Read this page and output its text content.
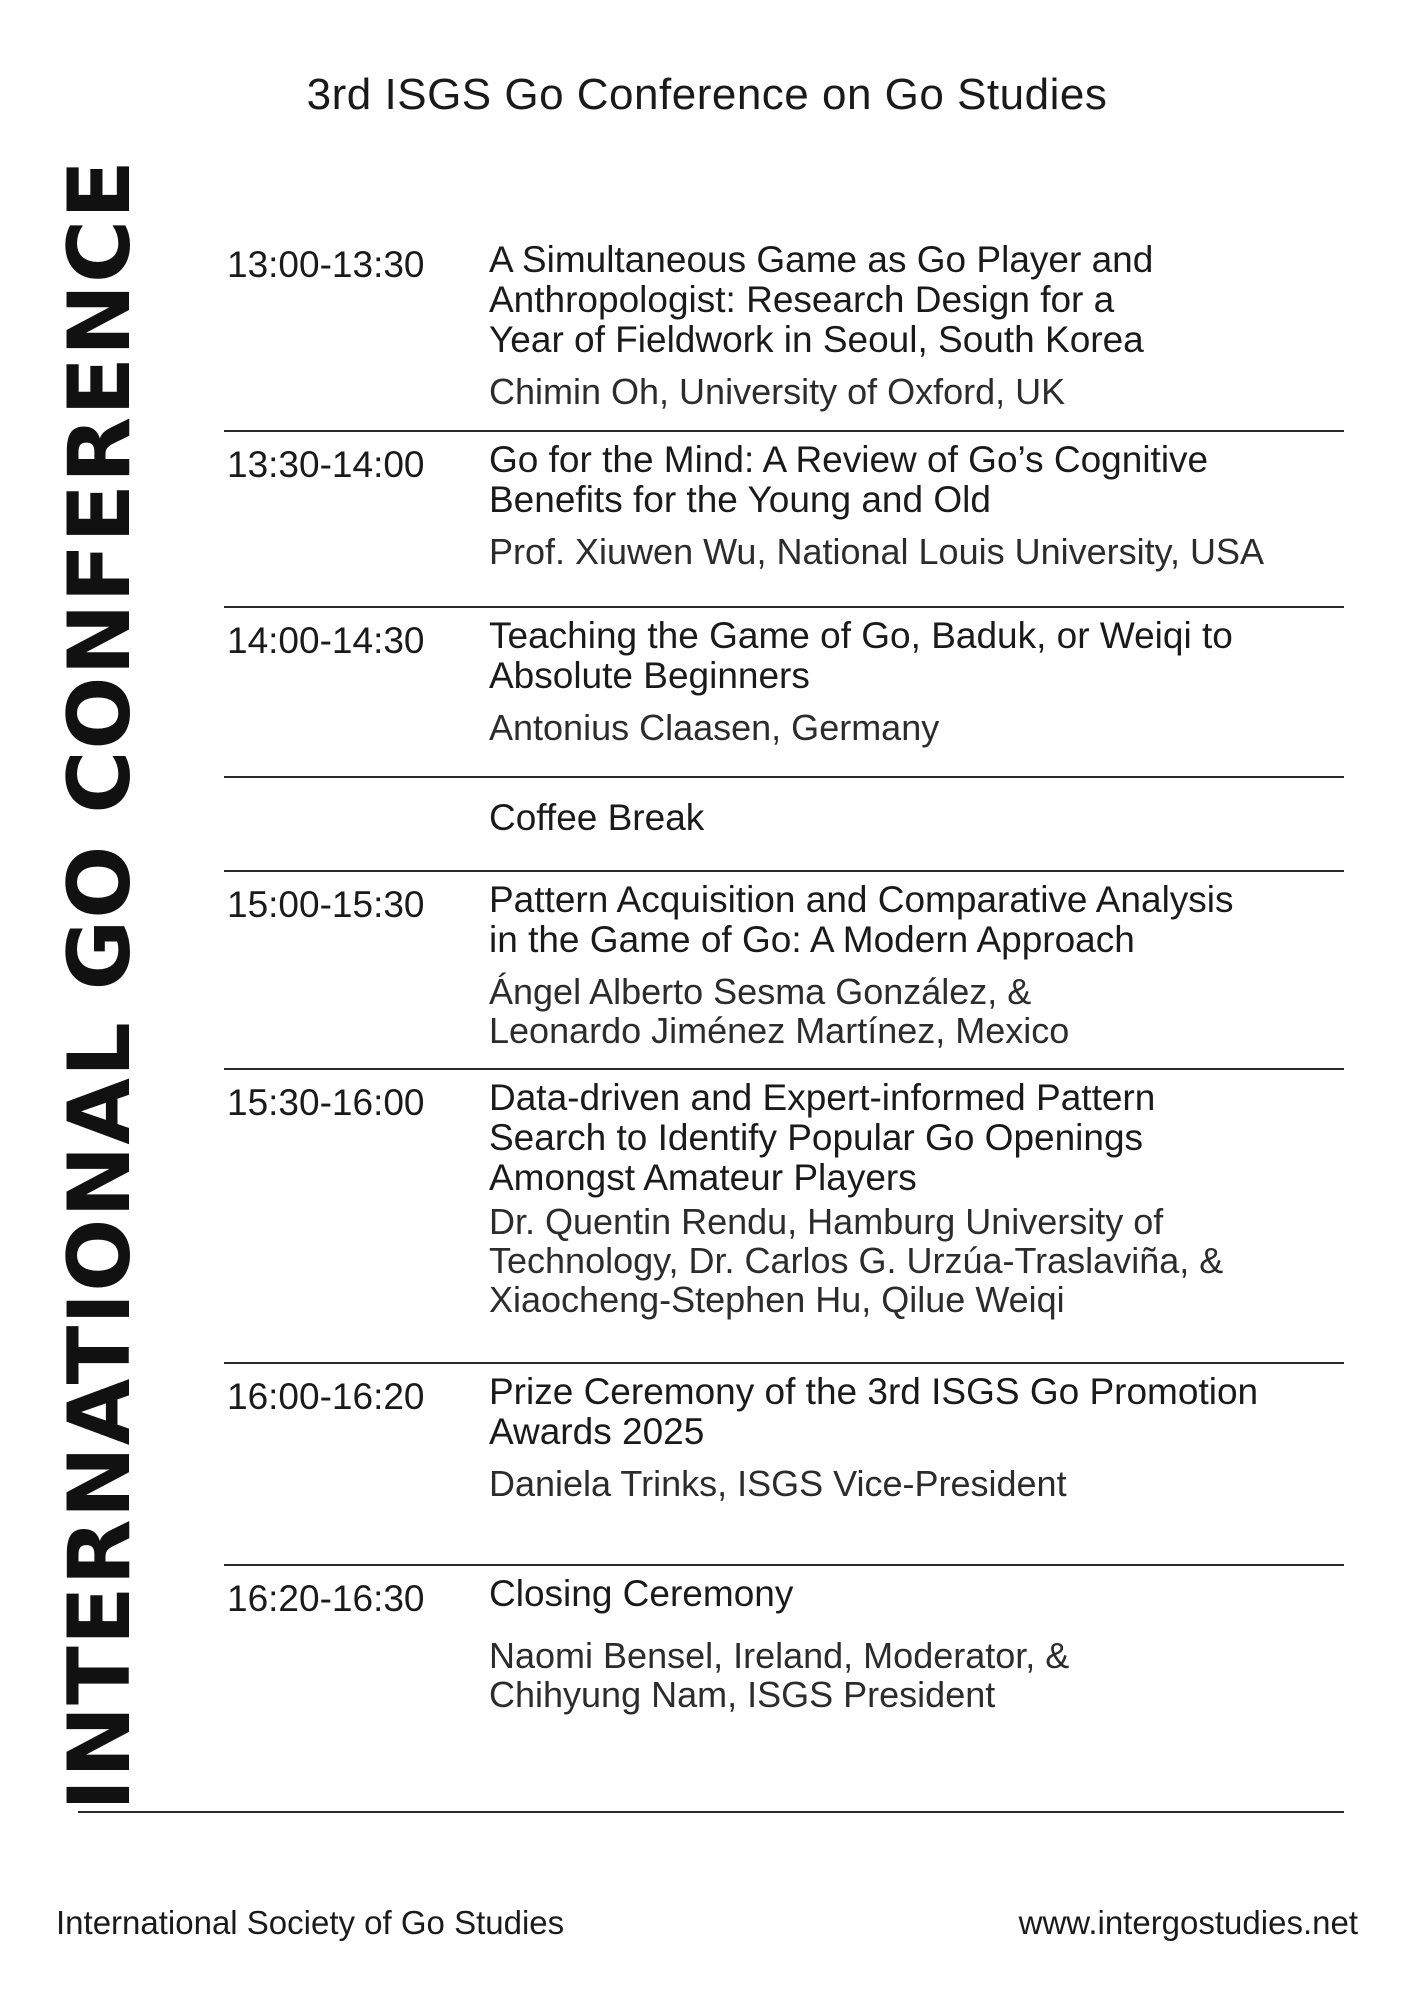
3rd ISGS Go Conference on Go Studies
INTERNATIONAL GO CONFERENCE 13:00-13:30	A Simultaneous Game as Go Player and
Anthropologist: Research Design for a
Year of Fieldwork in Seoul, South Korea
Chimin Oh, University of Oxford, UK
13:30-14:00	Go for the Mind: A Review of Go’s Cognitive
Benefits for the Young and Old
Prof. Xiuwen Wu, National Louis University, USA
14:00-14:30	Teaching the Game of Go, Baduk, or Weiqi to
Absolute Beginners
Antonius Claasen, Germany
Coffee Break
15:00-15:30	Pattern Acquisition and Comparative Analysis
in the Game of Go: A Modern Approach
Ángel Alberto Sesma González, &
Leonardo Jiménez Martínez, Mexico
15:30-16:00	Data-driven and Expert-informed Pattern
Search to Identify Popular Go Openings
Amongst Amateur Players
Dr. Quentin Rendu, Hamburg University of
Technology, Dr. Carlos G. Urzúa-Traslaviña, &
Xiaocheng-Stephen Hu, Qilue Weiqi
16:00-16:20	Prize Ceremony of the 3rd ISGS Go Promotion
Awards 2025
Daniela Trinks, ISGS Vice-President
16:20-16:30	Closing Ceremony
Naomi Bensel, Ireland, Moderator, &
Chihyung Nam, ISGS President
International Society of Go Studies	www.intergostudies.net
